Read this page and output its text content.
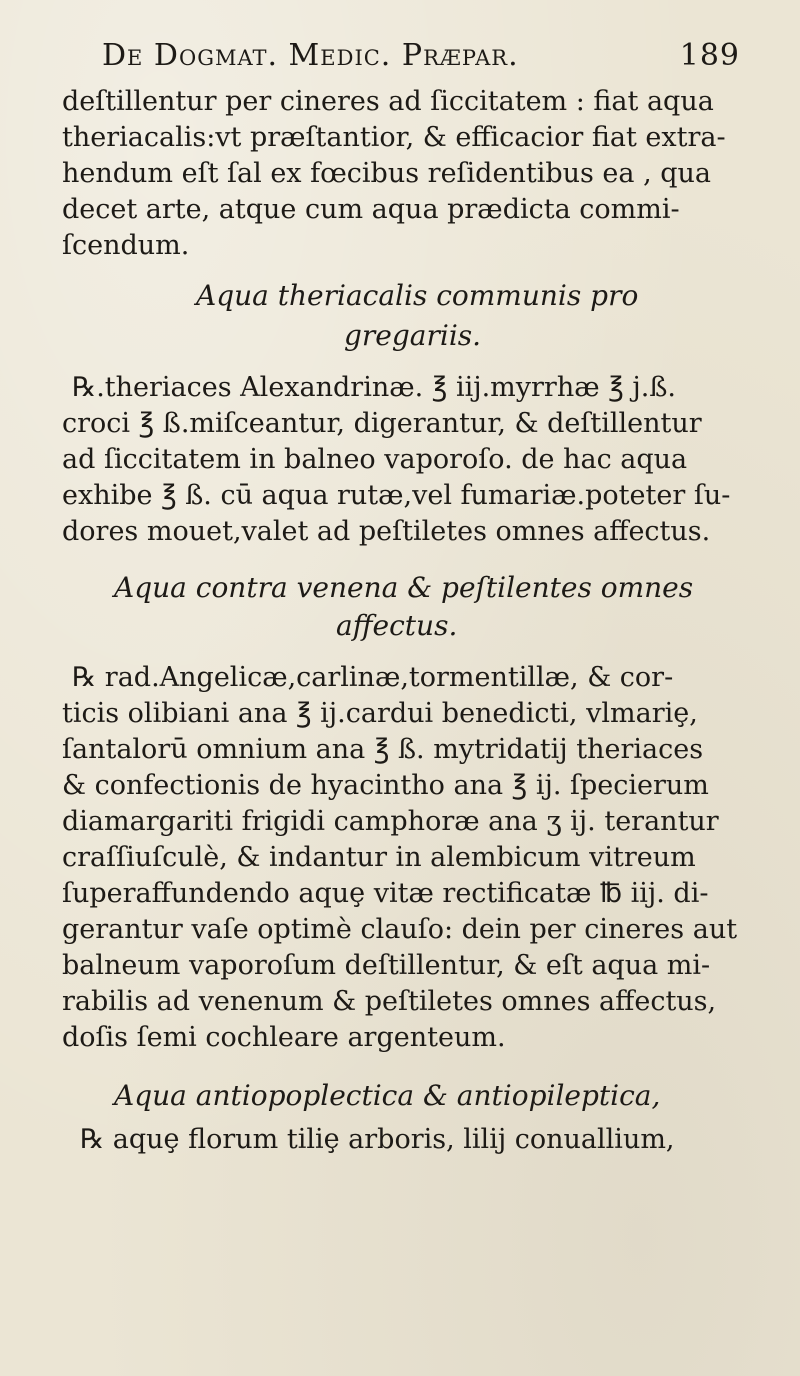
De Dogmat. Medic. Præpar.	189
deſtillentur per cineres ad ſiccitatem : fiat aqua
theriacalis:vt præſtantior, & efficacior fiat extra-
hendum eſt ſal ex fœcibus reſidentibus ea , qua
decet arte, atque cum aqua prædicta commi-
ſcendum.
Aqua theriacalis communis pro
gregariis.
℞.theriaces Alexandrinæ. ℥ iij.myrrhæ ℥ j.ß.
croci ℥ ß.miſceantur, digerantur, & deſtillentur
ad ſiccitatem in balneo vaporoſo. de hac aqua
exhibe ℥ ß. cū aqua rutæ,vel fumariæ.poteter ſu-
dores mouet,valet ad peſtiletes omnes affectus.
Aqua contra venena & peſtilentes omnes
affectus.
℞ rad.Angelicæ,carlinæ,tormentillæ, & cor-
ticis olibiani ana ℥ ij.cardui benedicti, vlmariȩ,
ſantalorū omnium ana ℥ ß. mytridatij theriaces
& confectionis de hyacintho ana ℥ ij. ſpecierum
diamargariti frigidi camphoræ ana ʒ ij. terantur
craſſiuſculè, & indantur in alembicum vitreum
ſuperaffundendo aquȩ vitæ rectificatæ ℔ iij. di-
gerantur vaſe optimè clauſo: dein per cineres aut
balneum vaporoſum deſtillentur, & eſt aqua mi-
rabilis ad venenum & peſtiletes omnes affectus,
doſis ſemi cochleare argenteum.
Aqua antiopoplectica & antiopileptica,
℞ aquȩ florum tiliȩ arboris, lilij conuallium,
